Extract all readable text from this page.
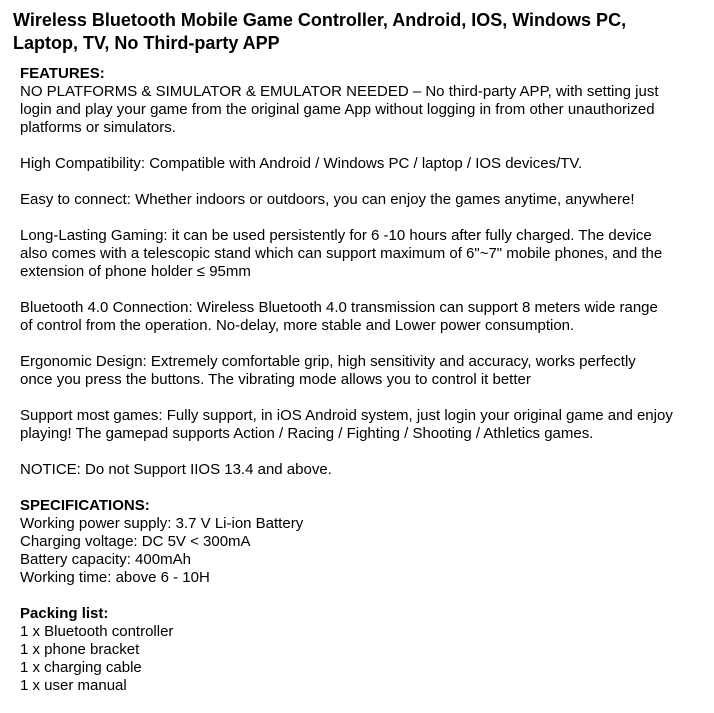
Wireless Bluetooth Mobile Game Controller, Android, IOS, Windows PC,
Laptop, TV, No Third-party APP
FEATURES:
NO PLATFORMS & SIMULATOR & EMULATOR NEEDED – No third-party APP, with setting just
login and play your game from the original game App without logging in from other unauthorized
platforms or simulators.
High Compatibility: Compatible with Android / Windows PC / laptop / IOS devices/TV.
Easy to connect: Whether indoors or outdoors, you can enjoy the games anytime, anywhere!
Long-Lasting Gaming: it can be used persistently for 6 -10 hours after fully charged. The device
also comes with a telescopic stand which can support maximum of 6"~7" mobile phones, and the
extension of phone holder ≤ 95mm
Bluetooth 4.0 Connection: Wireless Bluetooth 4.0 transmission can support 8 meters wide range
of control from the operation. No-delay, more stable and Lower power consumption.
Ergonomic Design: Extremely comfortable grip, high sensitivity and accuracy, works perfectly
once you press the buttons. The vibrating mode allows you to control it better
Support most games: Fully support, in iOS Android system, just login your original game and enjoy
playing! The gamepad supports Action / Racing / Fighting / Shooting / Athletics games.
NOTICE: Do not Support IIOS 13.4 and above.
SPECIFICATIONS:
Working power supply: 3.7 V Li-ion Battery
Charging voltage: DC 5V < 300mA
Battery capacity: 400mAh
Working time: above 6 - 10H
Packing list:
1 x Bluetooth controller
1 x phone bracket
1 x charging cable
1 x user manual
